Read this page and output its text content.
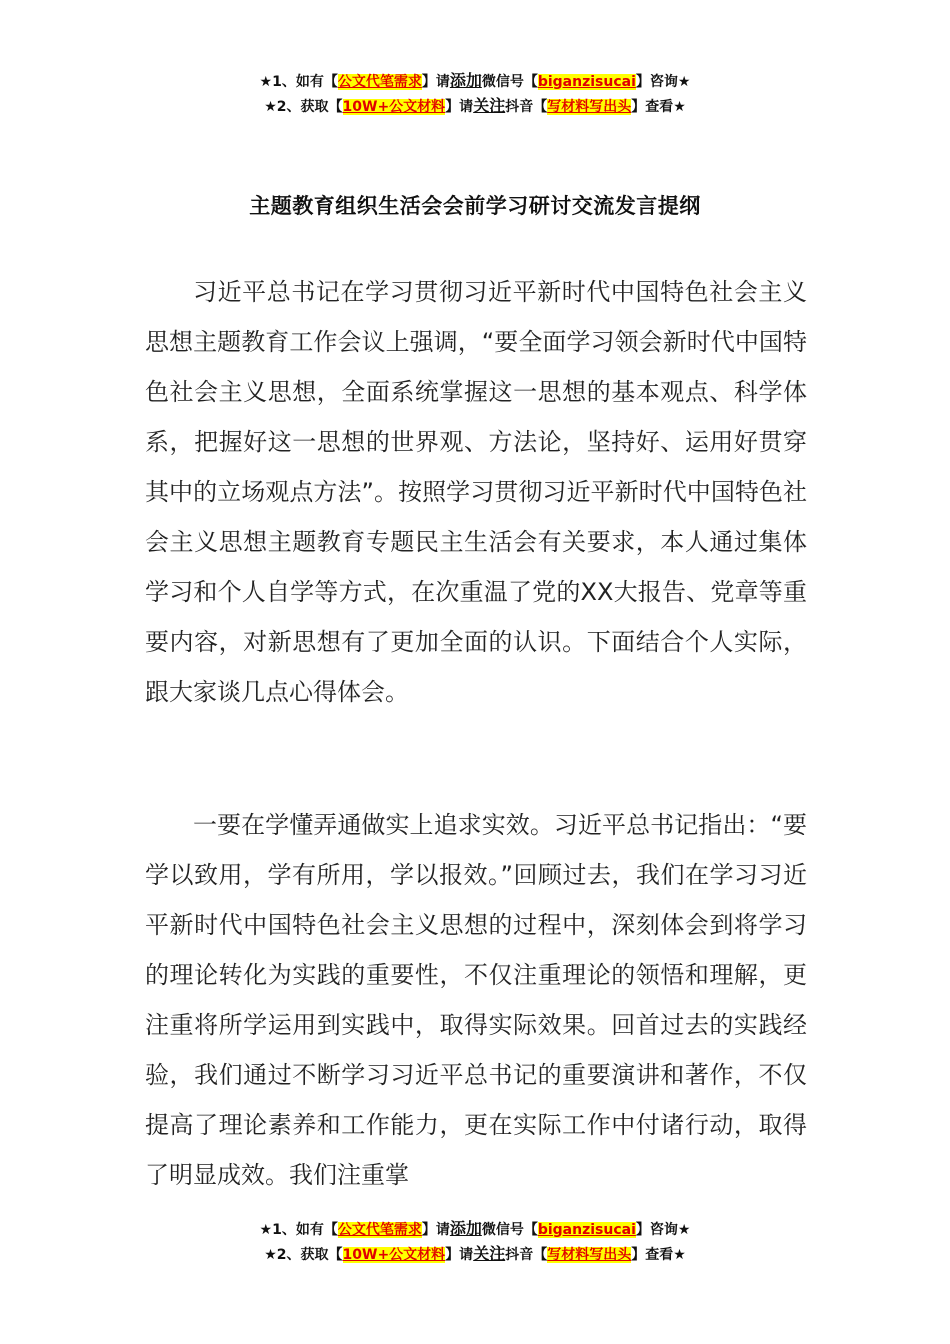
★1、如有【公文代笔需求】请添加微信号【biganzisucai】咨询★
★2、获取【10W+公文材料】请关注抖音【写材料写出头】查看★
主题教育组织生活会会前学习研讨交流发言提纲

习近平总书记在学习贯彻习近平新时代中国特色社会主义思想主题教育工作会议上强调，“要全面学习领会新时代中国特色社会主义思想，全面系统掌握这一思想的基本观点、科学体系，把握好这一思想的世界观、方法论，坚持好、运用好贯穿其中的立场观点方法”。按照学习贯彻习近平新时代中国特色社会主义思想主题教育专题民主生活会有关要求，本人通过集体学习和个人自学等方式，在次重温了党的XX大报告、党章等重要内容，对新思想有了更加全面的认识。下面结合个人实际，跟大家谈几点心得体会。

一要在学懂弄通做实上追求实效。习近平总书记指出：“要学以致用，学有所用，学以报效。”回顾过去，我们在学习习近平新时代中国特色社会主义思想的过程中，深刻体会到将学习的理论转化为实践的重要性，不仅注重理论的领悟和理解，更注重将所学运用到实践中，取得实际效果。回首过去的实践经验，我们通过不断学习习近平总书记的重要演讲和著作，不仅提高了理论素养和工作能力，更在实际工作中付诸行动，取得了明显成效。我们注重掌

★1、如有【公文代笔需求】请添加微信号【biganzisucai】咨询★
★2、获取【10W+公文材料】请关注抖音【写材料写出头】查看★
